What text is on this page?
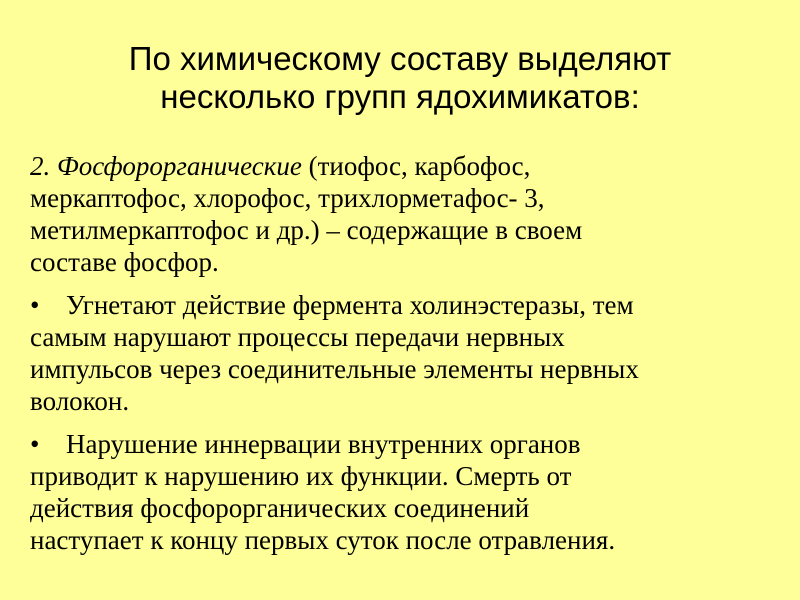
По химическому составу выделяют
несколько групп ядохимикатов:
2. Фосфорорганические (тиофос, карбофос,
меркаптофос, хлорофос, трихлорметафос- 3,
метилмеркаптофос и др.) – содержащие в своем
составе фосфор.
• Угнетают действие фермента холинэстеразы, тем
самым нарушают процессы передачи нервных
импульсов через соединительные элементы нервных
волокон.
• Нарушение иннервации внутренних органов
приводит к нарушению их функции. Смерть от
действия фосфорорганических соединений
наступает к концу первых суток после отравления.
